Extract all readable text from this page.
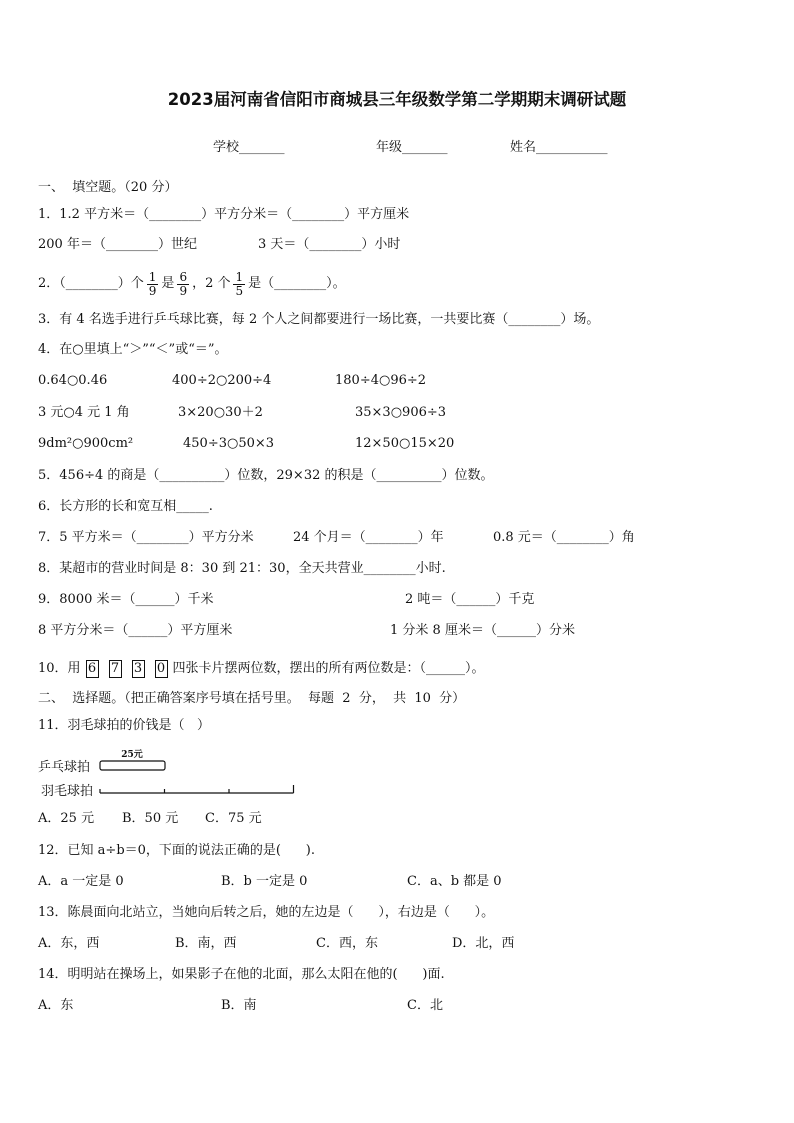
2023届河南省信阳市商城县三年级数学第二学期期末调研试题
学校_______	年级_______	姓名___________
一、  填空题。（20 分）
1．1.2 平方米＝（________）平方分米＝（________）平方厘米
200 年＝（________）世纪	3 天＝（________）小时
2．（________）个 $\frac{1}{9}$ 是 $\frac{6}{9}$ ，2 个 $\frac{1}{5}$ 是（________）。
3．有 4 名选手进行乒乓球比赛，每 2 个人之间都要进行一场比赛，一共要比赛（________）场。
4．在○里填上“＞”“＜”或“＝”。
0.64○0.46	400÷2○200÷4	180÷4○96÷2
3 元○4 元 1 角	3×20○30＋2	35×3○906÷3
9dm²○900cm²	450÷3○50×3	12×50○15×20
5．456÷4 的商是（__________）位数，29×32 的积是（__________）位数。
6．长方形的长和宽互相_____.
7．5 平方米＝（________）平方分米	24 个月＝（________）年	0.8 元＝（________）角
8．某超市的营业时间是 8：30 到 21：30，全天共营业________小时.
9．8000 米＝（______）千米	2 吨＝（______）千克
8 平方分米＝（______）平方厘米	1 分米 8 厘米＝（______）分米
10．用 6 7 3 0 四张卡片摆两位数，摆出的所有两位数是：（______）。
二、  选择题。（把正确答案序号填在括号里。  每题  2  分，  共  10  分）
11．羽毛球拍的价钱是（   ）
25元
乒乓球拍
羽毛球拍
A．25 元 B．50 元 C．75 元
12．已知 a÷b＝0，下面的说法正确的是(      ).
A．a 一定是 0	B．b 一定是 0	C．a、b 都是 0
13．陈晨面向北站立，当她向后转之后，她的左边是（      ），右边是（      ）。
A．东，西	B．南，西	C．西，东	D．北，西
14．明明站在操场上，如果影子在他的北面，那么太阳在他的(      )面.
A．东	B．南	C．北
